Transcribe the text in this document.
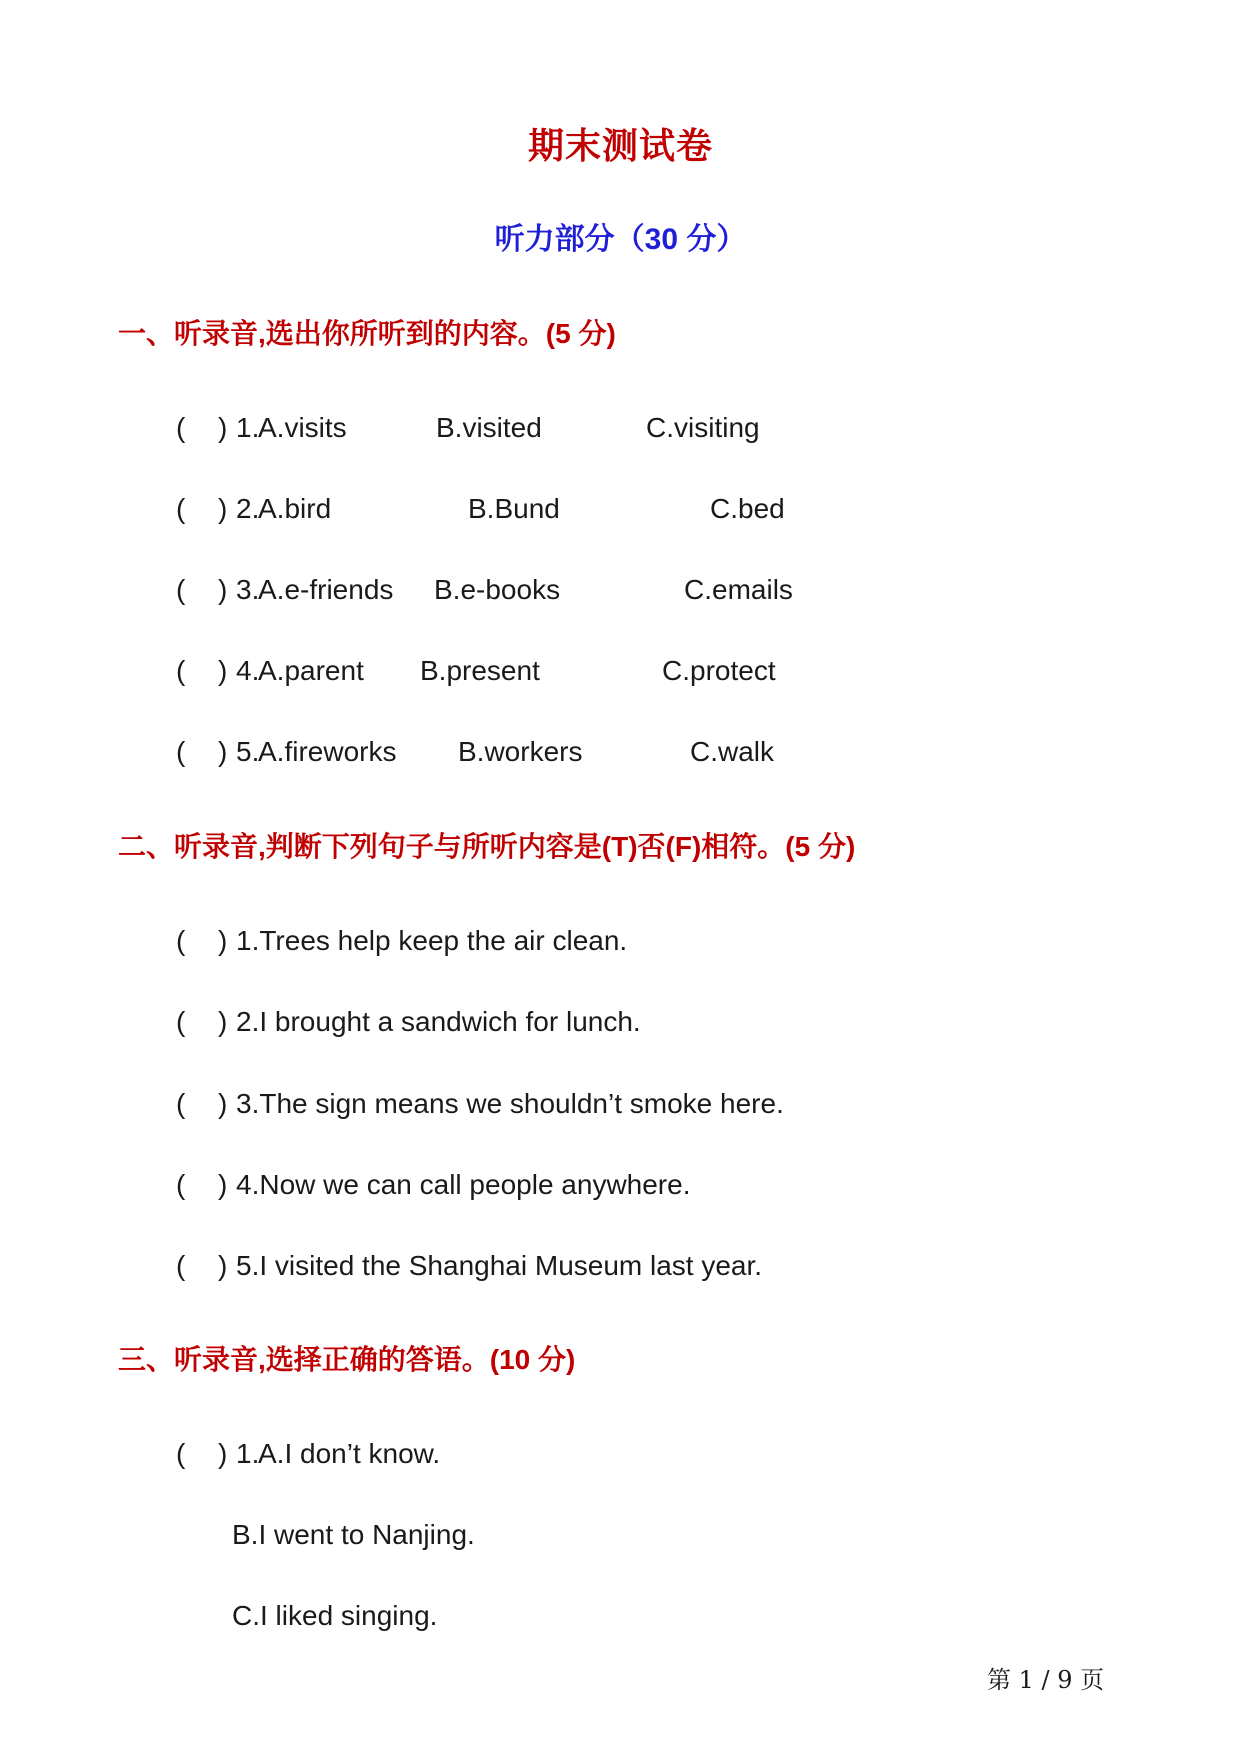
期末测试卷
听力部分（30 分）
一、听录音,选出你所听到的内容。(5 分)
( ) 1.
A.visits	B.visited	C.visiting
( ) 2.
A.bird	B.Bund	C.bed
( ) 3.
A.e-friends B.e-books	C.emails
( ) 4.
A.parent B.present	C.protect
( ) 5.
A.fireworks B.workers	C.walk
二、听录音,判断下列句子与所听内容是(T)否(F)相符。(5 分)
( ) 1.Trees help keep the air clean.
( ) 2.I brought a sandwich for lunch.
( ) 3.The sign means we shouldn’t smoke here.
( ) 4.Now we can call people anywhere.
( ) 5.I visited the Shanghai Museum last year.
三、听录音,选择正确的答语。(10 分)
( ) 1.
A.I don’t know.
B.I went to Nanjing.
C.I liked singing.
第 1 / 9 页
